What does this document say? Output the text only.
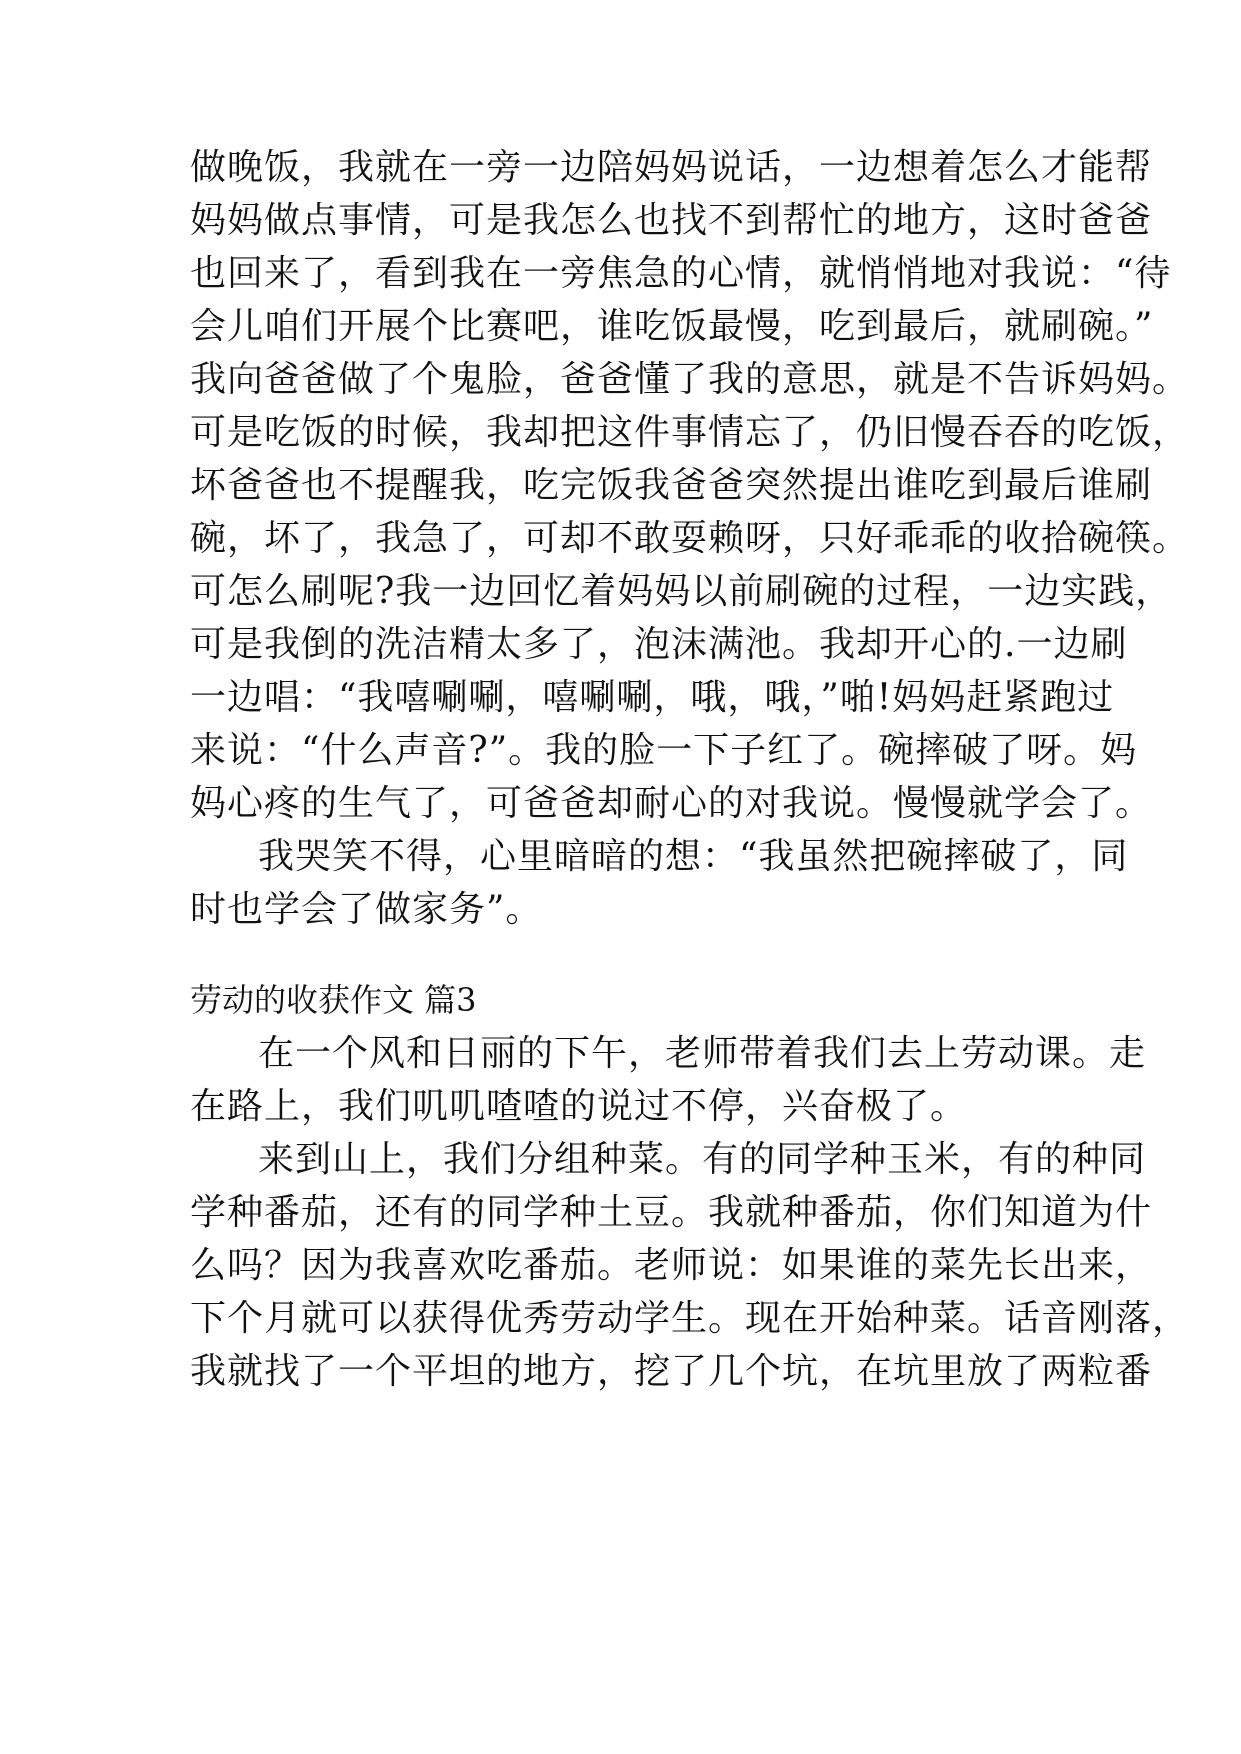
做晚饭，我就在一旁一边陪妈妈说话，一边想着怎么才能帮
妈妈做点事情，可是我怎么也找不到帮忙的地方，这时爸爸
也回来了，看到我在一旁焦急的心情，就悄悄地对我说：“待
会儿咱们开展个比赛吧，谁吃饭最慢，吃到最后，就刷碗。”
我向爸爸做了个鬼脸，爸爸懂了我的意思，就是不告诉妈妈。
可是吃饭的时候，我却把这件事情忘了，仍旧慢吞吞的吃饭，
坏爸爸也不提醒我，吃完饭我爸爸突然提出谁吃到最后谁刷
碗，坏了，我急了，可却不敢耍赖呀，只好乖乖的收拾碗筷。
可怎么刷呢?我一边回忆着妈妈以前刷碗的过程，一边实践，
可是我倒的洗洁精太多了，泡沫满池。我却开心的.一边刷
一边唱：“我嘻唰唰，嘻唰唰，哦，哦，”啪!妈妈赶紧跑过
来说：“什么声音?”。我的脸一下子红了。碗摔破了呀。妈
妈心疼的生气了，可爸爸却耐心的对我说。慢慢就学会了。
我哭笑不得，心里暗暗的想：“我虽然把碗摔破了，同
时也学会了做家务”。
劳动的收获作文 篇3
在一个风和日丽的下午，老师带着我们去上劳动课。走
在路上，我们叽叽喳喳的说过不停，兴奋极了。
来到山上，我们分组种菜。有的同学种玉米，有的种同
学种番茄，还有的同学种土豆。我就种番茄，你们知道为什
么吗？因为我喜欢吃番茄。老师说：如果谁的菜先长出来，
下个月就可以获得优秀劳动学生。现在开始种菜。话音刚落，
我就找了一个平坦的地方，挖了几个坑，在坑里放了两粒番
